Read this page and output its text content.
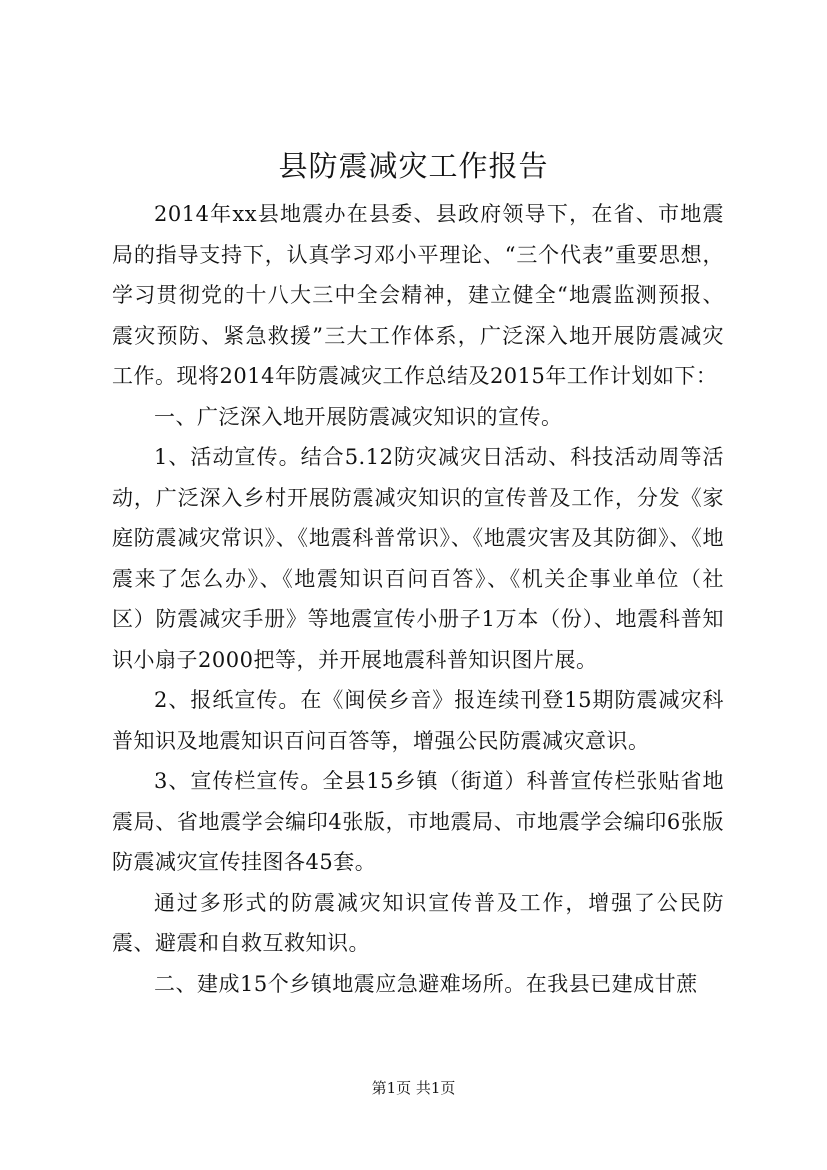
县防震减灾工作报告

2014年xx县地震办在县委、县政府领导下，在省、市地震局的指导支持下，认真学习邓小平理论、“三个代表”重要思想，学习贯彻党的十八大三中全会精神，建立健全“地震监测预报、震灾预防、紧急救援”三大工作体系，广泛深入地开展防震减灾工作。现将2014年防震减灾工作总结及2015年工作计划如下：

一、广泛深入地开展防震减灾知识的宣传。

1、活动宣传。结合5.12防灾减灾日活动、科技活动周等活动，广泛深入乡村开展防震减灾知识的宣传普及工作，分发《家庭防震减灾常识》、《地震科普常识》、《地震灾害及其防御》、《地震来了怎么办》、《地震知识百问百答》、《机关企事业单位（社区）防震减灾手册》等地震宣传小册子1万本（份）、地震科普知识小扇子2000把等，并开展地震科普知识图片展。

2、报纸宣传。在《闽侯乡音》报连续刊登15期防震减灾科普知识及地震知识百问百答等，增强公民防震减灾意识。

3、宣传栏宣传。全县15乡镇（街道）科普宣传栏张贴省地震局、省地震学会编印4张版，市地震局、市地震学会编印6张版防震减灾宣传挂图各45套。

通过多形式的防震减灾知识宣传普及工作，增强了公民防震、避震和自救互救知识。

二、建成15个乡镇地震应急避难场所。在我县已建成甘蔗

第1页 共1页
